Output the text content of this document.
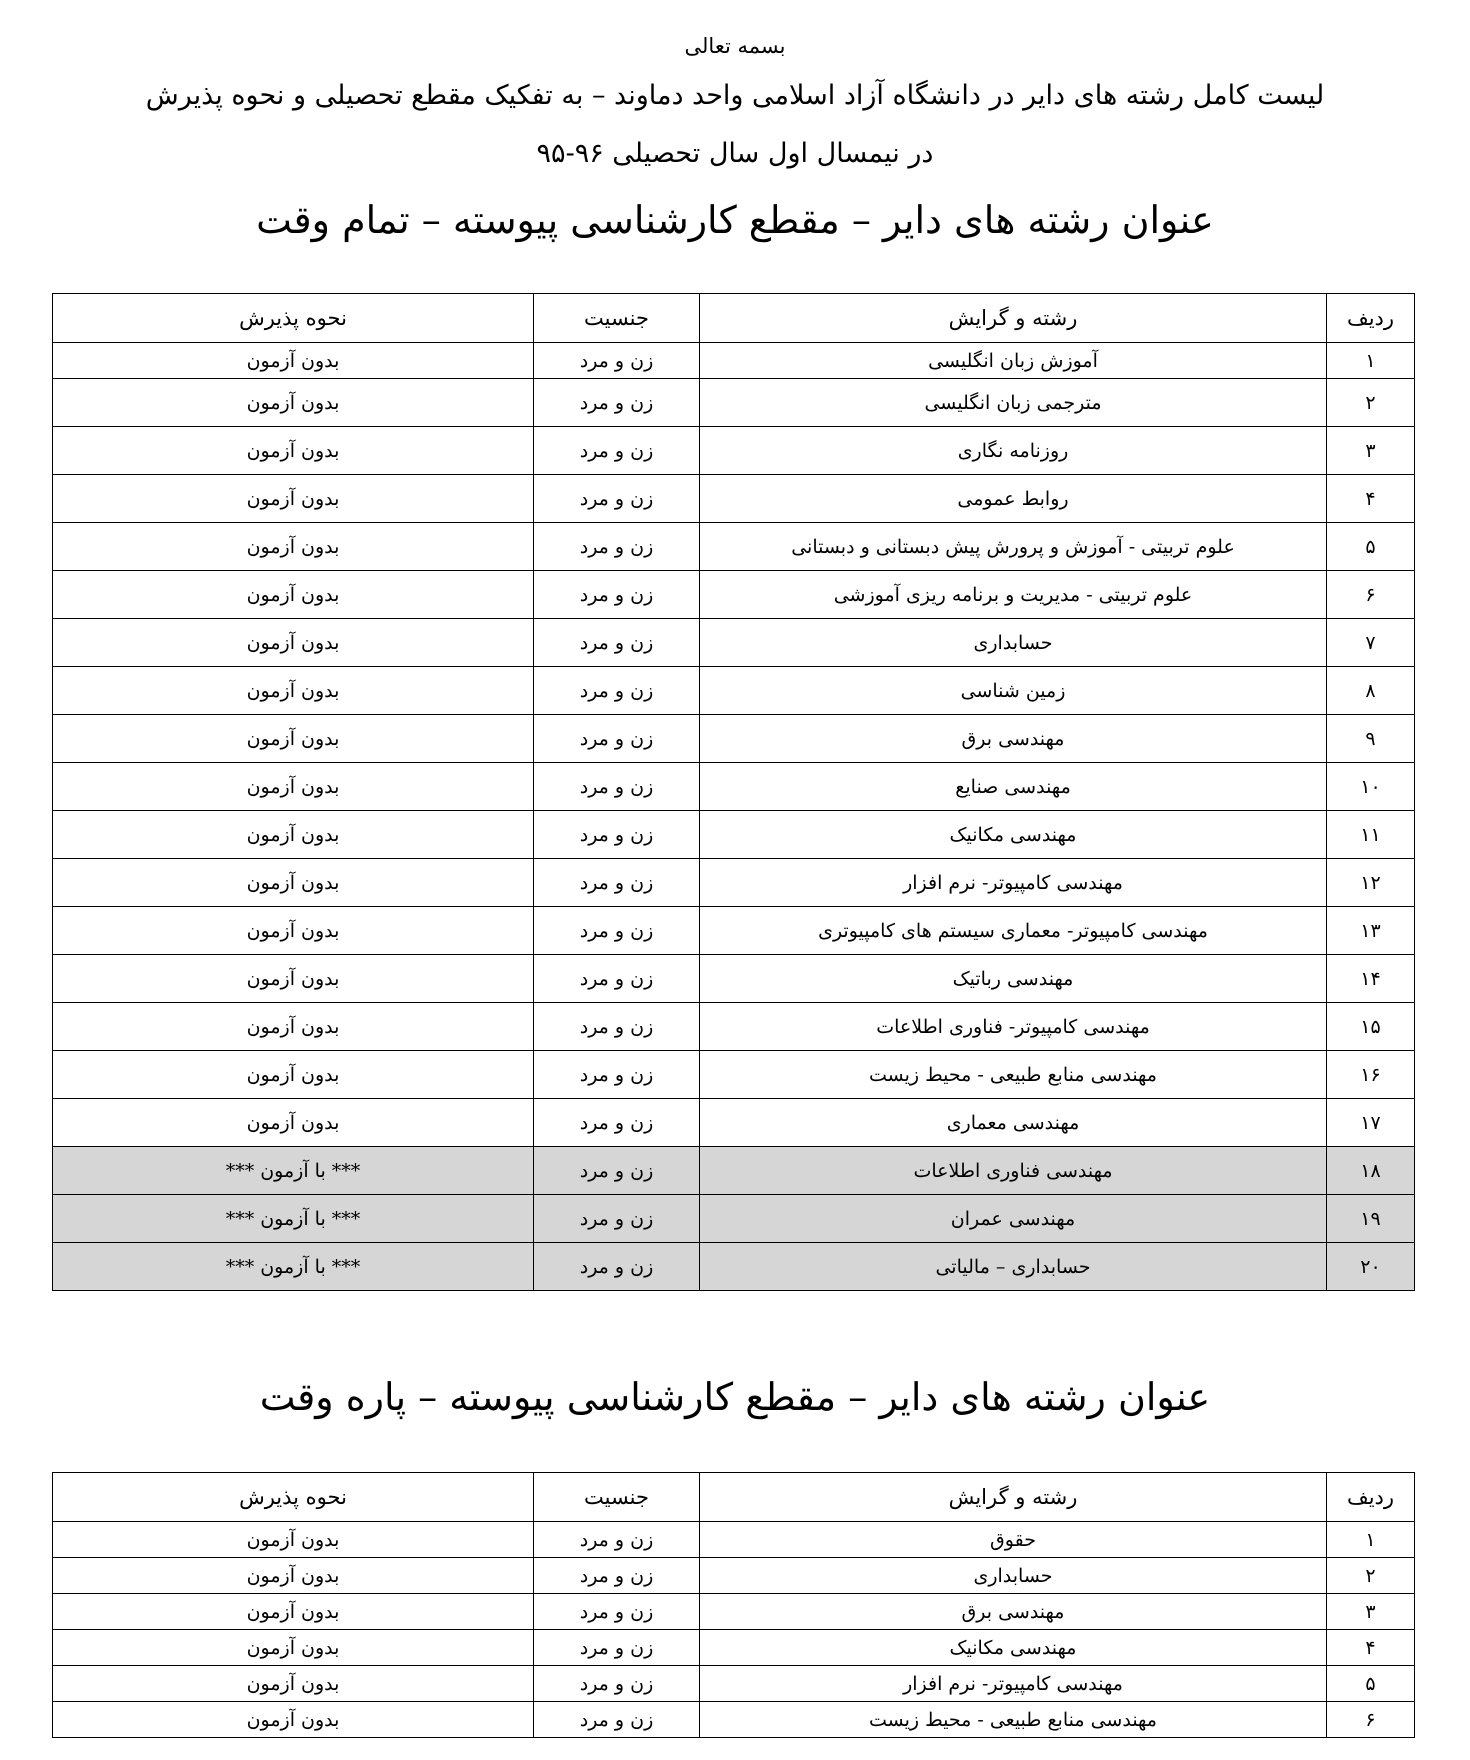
بسمه تعالی
لیست کامل رشته های دایر در دانشگاه آزاد اسلامی واحد دماوند – به تفکیک مقطع تحصیلی و نحوه پذیرش
در نیمسال اول سال تحصیلی ۹۶-۹۵
عنوان رشته های دایر – مقطع کارشناسی پیوسته – تمام وقت
ردیف	رشته و گرایش	جنسیت	نحوه پذیرش
۱	آموزش زبان انگلیسی	زن و مرد	بدون آزمون
۲	مترجمی زبان انگلیسی	زن و مرد	بدون آزمون
۳	روزنامه نگاری	زن و مرد	بدون آزمون
۴	روابط عمومی	زن و مرد	بدون آزمون
۵	علوم تربیتی - آموزش و پرورش پیش دبستانی و دبستانی	زن و مرد	بدون آزمون
۶	علوم تربیتی - مدیریت و برنامه ریزی آموزشی	زن و مرد	بدون آزمون
۷	حسابداری	زن و مرد	بدون آزمون
۸	زمین شناسی	زن و مرد	بدون آزمون
۹	مهندسی برق	زن و مرد	بدون آزمون
۱۰	مهندسی صنایع	زن و مرد	بدون آزمون
۱۱	مهندسی مکانیک	زن و مرد	بدون آزمون
۱۲	مهندسی کامپیوتر- نرم افزار	زن و مرد	بدون آزمون
۱۳	مهندسی کامپیوتر- معماری سیستم های کامپیوتری	زن و مرد	بدون آزمون
۱۴	مهندسی رباتیک	زن و مرد	بدون آزمون
۱۵	مهندسی کامپیوتر- فناوری اطلاعات	زن و مرد	بدون آزمون
۱۶	مهندسی منابع طبیعی - محیط زیست	زن و مرد	بدون آزمون
۱۷	مهندسی معماری	زن و مرد	بدون آزمون
۱۸	مهندسی فناوری اطلاعات	زن و مرد	*** با آزمون ***
۱۹	مهندسی عمران	زن و مرد	*** با آزمون ***
۲۰	حسابداری – مالیاتی	زن و مرد	*** با آزمون ***
عنوان رشته های دایر – مقطع کارشناسی پیوسته – پاره وقت
ردیف	رشته و گرایش	جنسیت	نحوه پذیرش
۱	حقوق	زن و مرد	بدون آزمون
۲	حسابداری	زن و مرد	بدون آزمون
۳	مهندسی برق	زن و مرد	بدون آزمون
۴	مهندسی مکانیک	زن و مرد	بدون آزمون
۵	مهندسی کامپیوتر- نرم افزار	زن و مرد	بدون آزمون
۶	مهندسی منابع طبیعی - محیط زیست	زن و مرد	بدون آزمون
